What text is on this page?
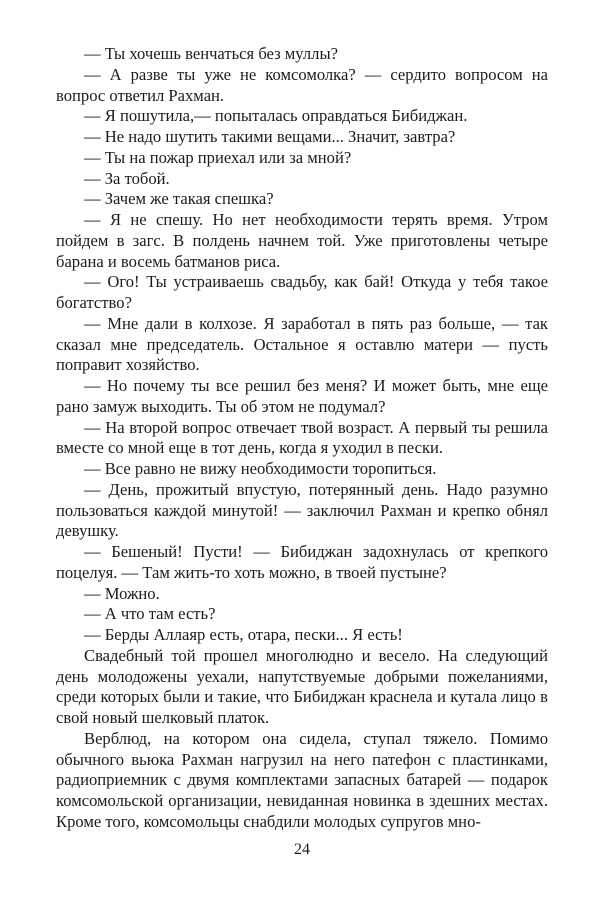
— Ты хочешь венчаться без муллы?

— А разве ты уже не комсомолка? — сердито вопросом на вопрос ответил Рахман.

— Я пошутила,— попыталась оправдаться Бибиджан.

— Не надо шутить такими вещами... Значит, завтра?

— Ты на пожар приехал или за мной?

— За тобой.

— Зачем же такая спешка?

— Я не спешу. Но нет необходимости терять время. Утром пойдем в загс. В полдень начнем той. Уже приготовлены четыре барана и восемь батманов риса.

— Ого! Ты устраиваешь свадьбу, как бай! Откуда у тебя такое богатство?

— Мне дали в колхозе. Я заработал в пять раз больше, — так сказал мне председатель. Остальное я оставлю матери — пусть поправит хозяйство.

— Но почему ты все решил без меня? И может быть, мне еще рано замуж выходить. Ты об этом не подумал?

— На второй вопрос отвечает твой возраст. А первый ты решила вместе со мной еще в тот день, когда я уходил в пески.

— Все равно не вижу необходимости торопиться.

— День, прожитый впустую, потерянный день. Надо разумно пользоваться каждой минутой! — заключил Рахман и крепко обнял девушку.

— Бешеный! Пусти! — Бибиджан задохнулась от крепкого поцелуя. — Там жить-то хоть можно, в твоей пустыне?

— Можно.

— А что там есть?

— Берды Аллаяр есть, отара, пески... Я есть!

Свадебный той прошел многолюдно и весело. На следующий день молодожены уехали, напутствуемые добрыми пожеланиями, среди которых были и такие, что Бибиджан краснела и кутала лицо в свой новый шелковый платок.

Верблюд, на котором она сидела, ступал тяжело. Помимо обычного вьюка Рахман нагрузил на него патефон с пластинками, радиоприемник с двумя комплектами запасных батарей — подарок комсомольской организации, невиданная новинка в здешних местах. Кроме того, комсомольцы снабдили молодых супругов мно-

24
